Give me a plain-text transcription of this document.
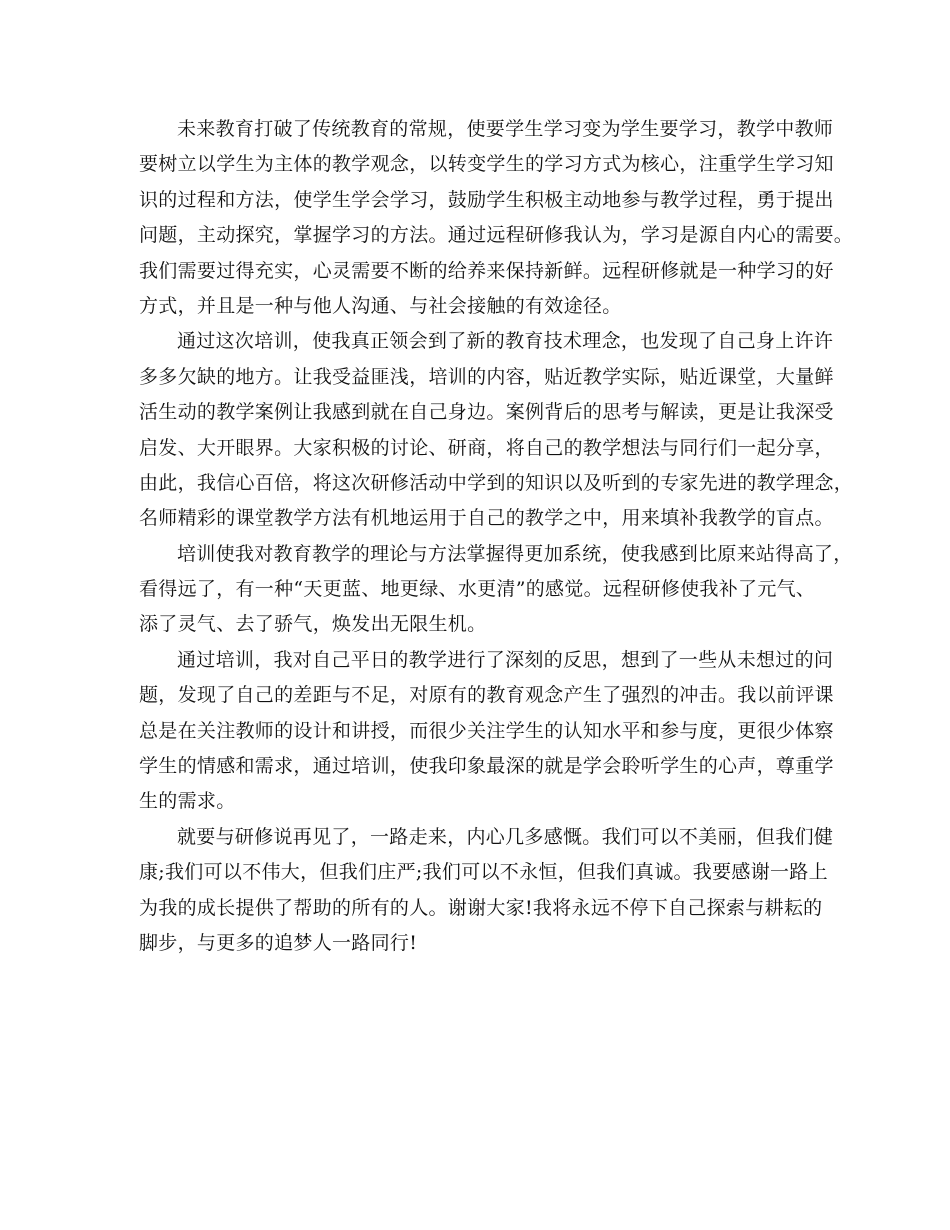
未来教育打破了传统教育的常规，使要学生学习变为学生要学习，教学中教师
要树立以学生为主体的教学观念，以转变学生的学习方式为核心，注重学生学习知
识的过程和方法，使学生学会学习，鼓励学生积极主动地参与教学过程，勇于提出
问题，主动探究，掌握学习的方法。通过远程研修我认为，学习是源自内心的需要。
我们需要过得充实，心灵需要不断的给养来保持新鲜。远程研修就是一种学习的好
方式，并且是一种与他人沟通、与社会接触的有效途径。
通过这次培训，使我真正领会到了新的教育技术理念，也发现了自己身上许许
多多欠缺的地方。让我受益匪浅，培训的内容，贴近教学实际，贴近课堂，大量鲜
活生动的教学案例让我感到就在自己身边。案例背后的思考与解读，更是让我深受
启发、大开眼界。大家积极的讨论、研商，将自己的教学想法与同行们一起分享，
由此，我信心百倍，将这次研修活动中学到的知识以及听到的专家先进的教学理念，
名师精彩的课堂教学方法有机地运用于自己的教学之中，用来填补我教学的盲点。
培训使我对教育教学的理论与方法掌握得更加系统，使我感到比原来站得高了，
看得远了，有一种“天更蓝、地更绿、水更清”的感觉。远程研修使我补了元气、
添了灵气、去了骄气，焕发出无限生机。
通过培训，我对自己平日的教学进行了深刻的反思，想到了一些从未想过的问
题，发现了自己的差距与不足，对原有的教育观念产生了强烈的冲击。我以前评课
总是在关注教师的设计和讲授，而很少关注学生的认知水平和参与度，更很少体察
学生的情感和需求，通过培训，使我印象最深的就是学会聆听学生的心声，尊重学
生的需求。
就要与研修说再见了，一路走来，内心几多感慨。我们可以不美丽，但我们健
康;我们可以不伟大，但我们庄严;我们可以不永恒，但我们真诚。我要感谢一路上
为我的成长提供了帮助的所有的人。谢谢大家!我将永远不停下自己探索与耕耘的
脚步，与更多的追梦人一路同行!
